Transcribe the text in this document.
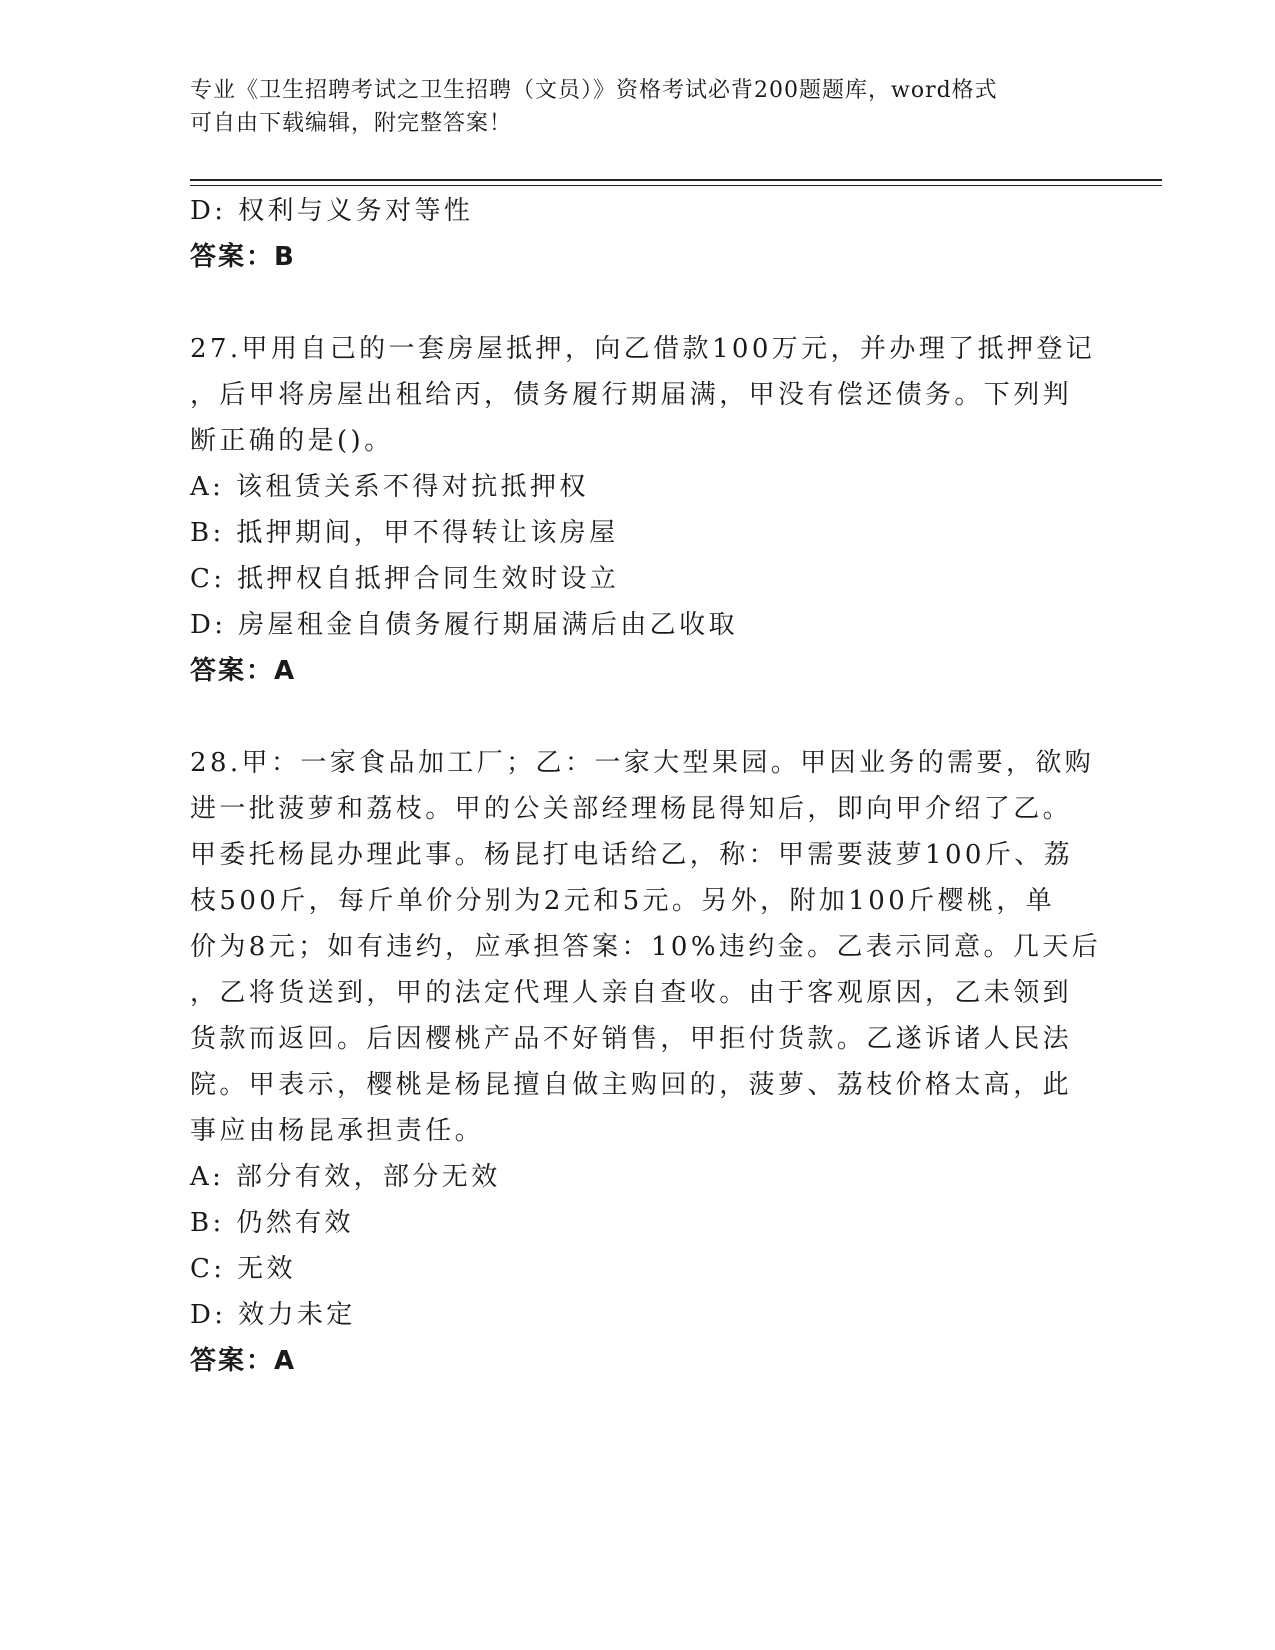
专业《卫生招聘考试之卫生招聘（文员）》资格考试必背200题题库，word格式
可自由下载编辑，附完整答案！

D: 权利与义务对等性

答案：B

27.甲用自己的一套房屋抵押，向乙借款100万元，并办理了抵押登记

，后甲将房屋出租给丙，债务履行期届满，甲没有偿还债务。下列判

断正确的是()。

A: 该租赁关系不得对抗抵押权

B: 抵押期间，甲不得转让该房屋

C: 抵押权自抵押合同生效时设立

D: 房屋租金自债务履行期届满后由乙收取

答案：A

28.甲：一家食品加工厂；乙：一家大型果园。甲因业务的需要，欲购

进一批菠萝和荔枝。甲的公关部经理杨昆得知后，即向甲介绍了乙。

甲委托杨昆办理此事。杨昆打电话给乙，称：甲需要菠萝100斤、荔

枝500斤，每斤单价分别为2元和5元。另外，附加100斤樱桃，单

价为8元；如有违约，应承担答案：10%违约金。乙表示同意。几天后

，乙将货送到，甲的法定代理人亲自查收。由于客观原因，乙未领到

货款而返回。后因樱桃产品不好销售，甲拒付货款。乙遂诉诸人民法

院。甲表示，樱桃是杨昆擅自做主购回的，菠萝、荔枝价格太高，此

事应由杨昆承担责任。

A: 部分有效，部分无效

B: 仍然有效

C: 无效

D: 效力未定

答案：A
